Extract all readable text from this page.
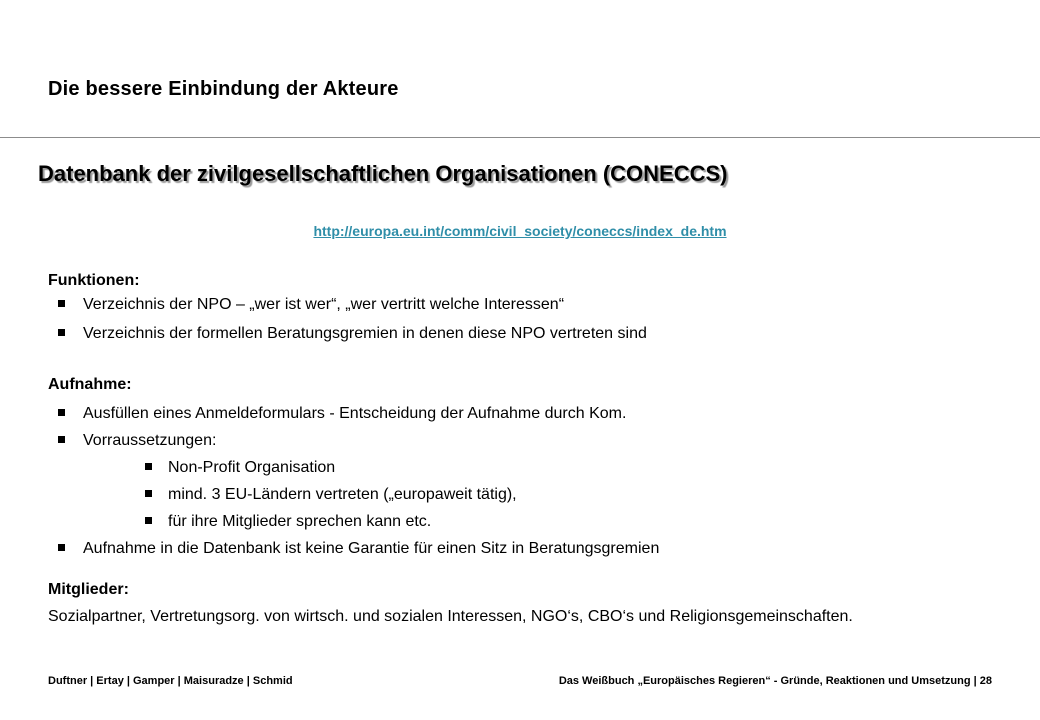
Die bessere Einbindung der Akteure
Datenbank der zivilgesellschaftlichen Organisationen (CONECCS)
http://europa.eu.int/comm/civil_society/coneccs/index_de.htm
Funktionen:
Verzeichnis der NPO – „wer ist wer“, „wer vertritt welche Interessen“
Verzeichnis der formellen Beratungsgremien in denen diese NPO vertreten sind
Aufnahme:
Ausfüllen eines Anmeldeformulars - Entscheidung der Aufnahme durch Kom.
Vorraussetzungen:
Non-Profit Organisation
mind. 3 EU-Ländern vertreten („europaweit tätig),
für ihre Mitglieder sprechen kann etc.
Aufnahme in die Datenbank ist keine Garantie für einen Sitz in Beratungsgremien
Mitglieder:
Sozialpartner, Vertretungsorg. von wirtsch. und sozialen Interessen, NGO‘s, CBO‘s und Religionsgemeinschaften.
Duftner | Ertay | Gamper | Maisuradze | Schmid	Das Weißbuch „Europäisches Regieren“ - Gründe, Reaktionen und Umsetzung | 28
